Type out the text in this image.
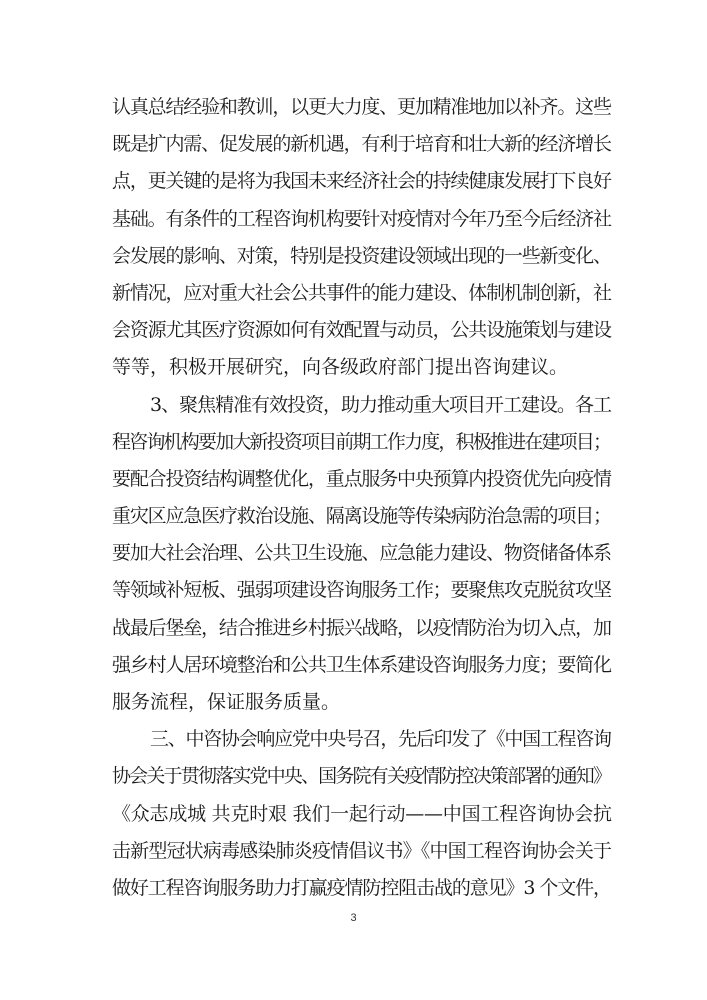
认真总结经验和教训，以更大力度、更加精准地加以补齐。这些
既是扩内需、促发展的新机遇，有利于培育和壮大新的经济增长
点，更关键的是将为我国未来经济社会的持续健康发展打下良好
基础。有条件的工程咨询机构要针对疫情对今年乃至今后经济社
会发展的影响、对策，特别是投资建设领域出现的一些新变化、
新情况，应对重大社会公共事件的能力建设、体制机制创新，社
会资源尤其医疗资源如何有效配置与动员，公共设施策划与建设
等等，积极开展研究，向各级政府部门提出咨询建议。
3、聚焦精准有效投资，助力推动重大项目开工建设。各工
程咨询机构要加大新投资项目前期工作力度，积极推进在建项目；
要配合投资结构调整优化，重点服务中央预算内投资优先向疫情
重灾区应急医疗救治设施、隔离设施等传染病防治急需的项目；
要加大社会治理、公共卫生设施、应急能力建设、物资储备体系
等领域补短板、强弱项建设咨询服务工作；要聚焦攻克脱贫攻坚
战最后堡垒，结合推进乡村振兴战略，以疫情防治为切入点，加
强乡村人居环境整治和公共卫生体系建设咨询服务力度；要简化
服务流程，保证服务质量。
三、中咨协会响应党中央号召，先后印发了《中国工程咨询
协会关于贯彻落实党中央、国务院有关疫情防控决策部署的通知》
《众志成城 共克时艰 我们一起行动——中国工程咨询协会抗
击新型冠状病毒感染肺炎疫情倡议书》《中国工程咨询协会关于
做好工程咨询服务助力打赢疫情防控阻击战的意见》3 个文件，
3
